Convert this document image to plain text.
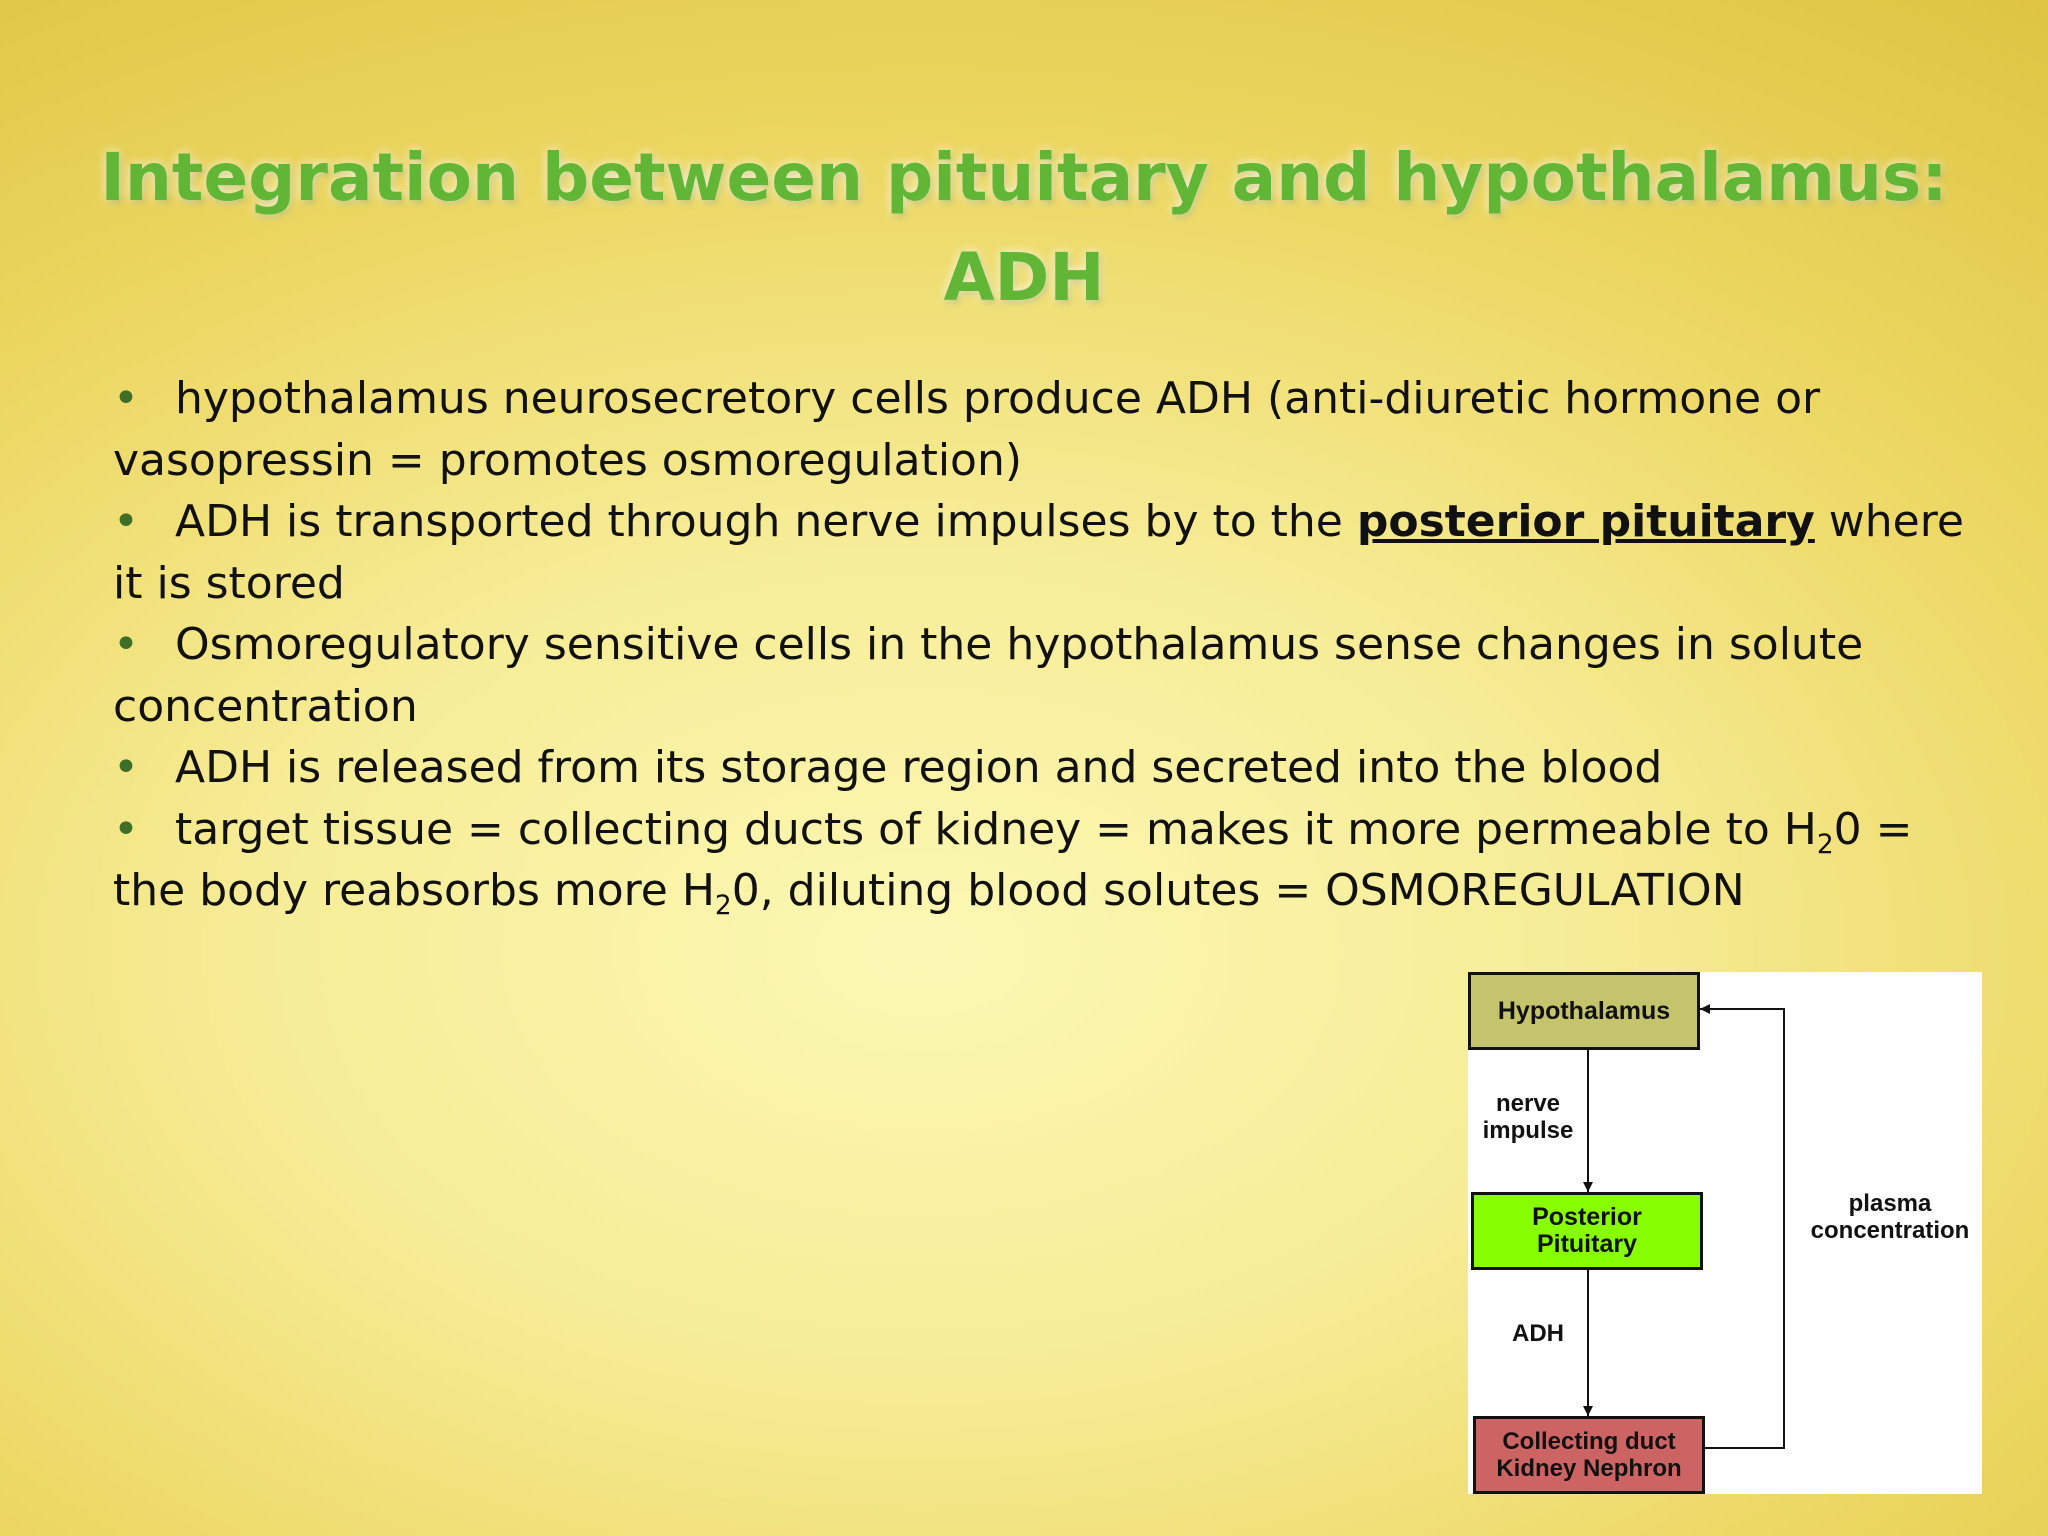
Integration between pituitary and hypothalamus:
ADH

• hypothalamus neurosecretory cells produce ADH (anti-diuretic hormone or vasopressin = promotes osmoregulation)

• ADH is transported through nerve impulses by to the posterior pituitary where it is stored

• Osmoregulatory sensitive cells in the hypothalamus sense changes in solute concentration

• ADH is released from its storage region and secreted into the blood

• target tissue = collecting ducts of kidney = makes it more permeable to $H_20$ = the body reabsorbs more $H_20$, diluting blood solutes = OSMOREGULATION

Hypothalamus
Posterior
Pituitary
Collecting duct
Kidney Nephron
nerve
impulse
ADH
plasma
concentration
